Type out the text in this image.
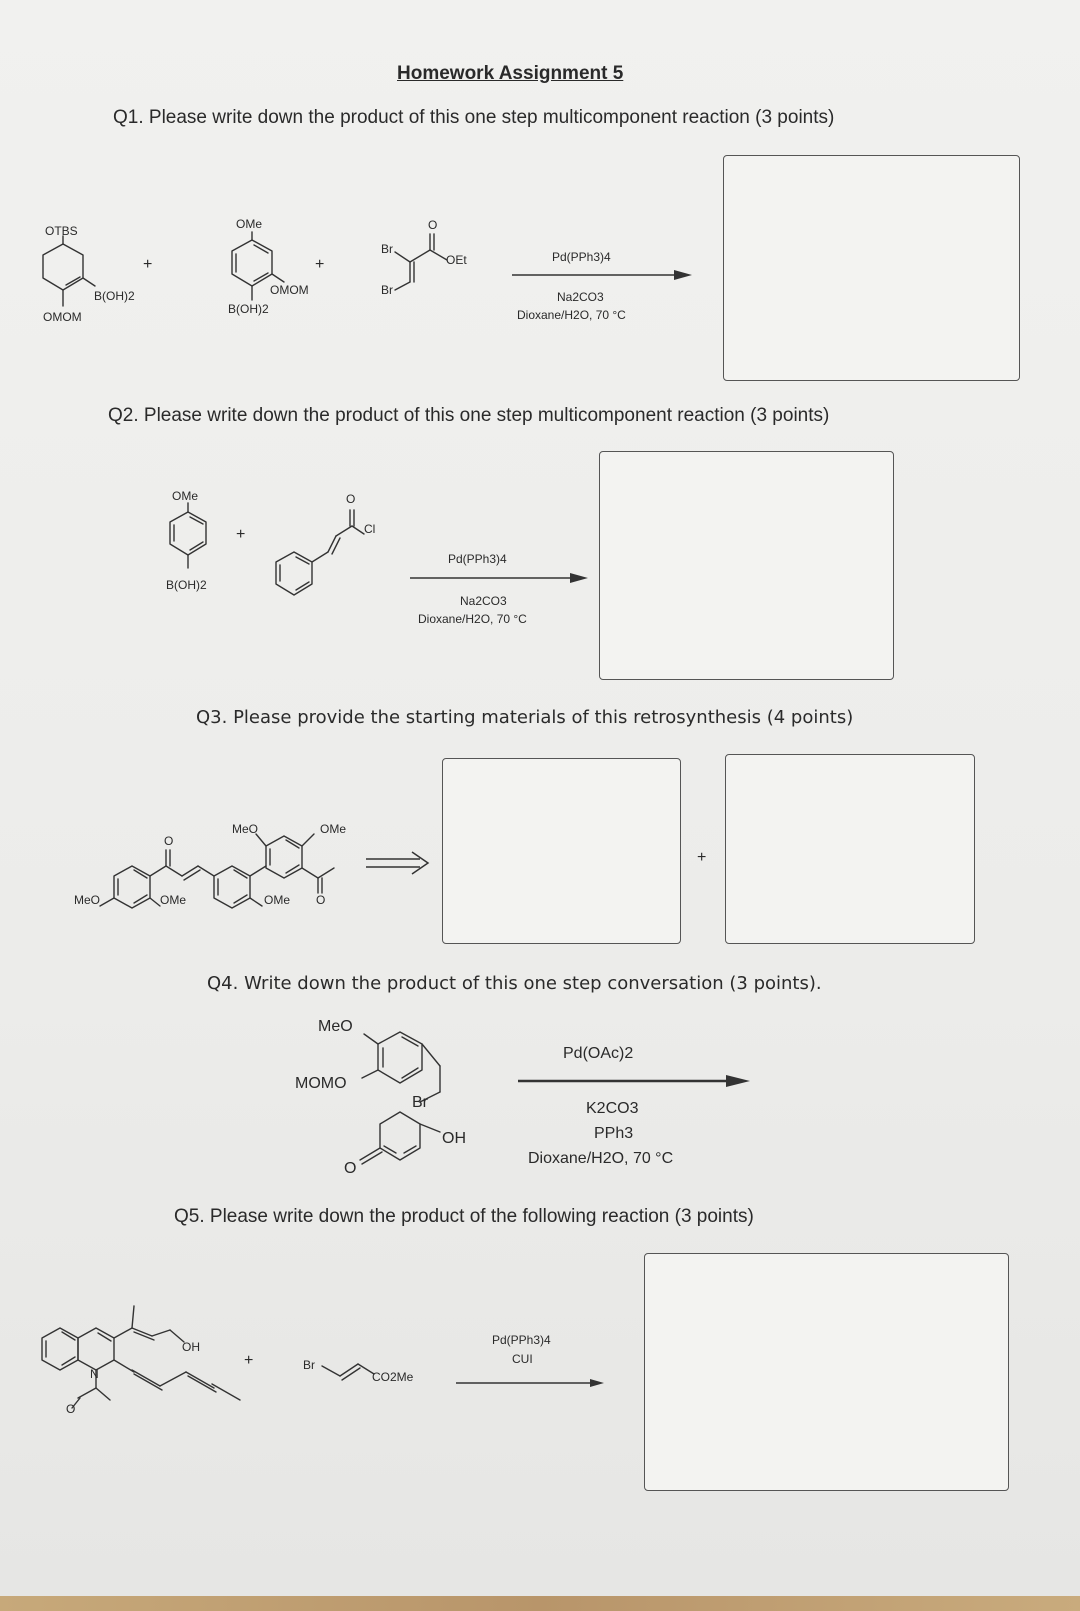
Homework Assignment 5
Q1. Please write down the product of this one step multicomponent reaction (3 points)
Q2. Please write down the product of this one step multicomponent reaction (3 points)
Q3. Please provide the starting materials of this retrosynthesis (4 points)
Q4. Write down the product of this one step conversation (3 points).
Q5. Please write down the product of the following reaction (3 points)
OTBS
B(OH)2
OMOM
+
OMe
OMOM
B(OH)2
+
Br
Br
O
OEt	Pd(PPh3)4
Na2CO3
Dioxane/H2O, 70 °C
OMe
B(OH)2
+
O
Cl
Pd(PPh3)4
Na2CO3
Dioxane/H2O, 70 °C
MeO	OMe
O
MeO	OMe
OMe O
+
MeO
MOMO
Br
OH
O
Pd(OAc)2
K2CO3
PPh3
Dioxane/H2O, 70 °C
N
O
OH
+	Br
CO2Me
Pd(PPh3)4
CUI
